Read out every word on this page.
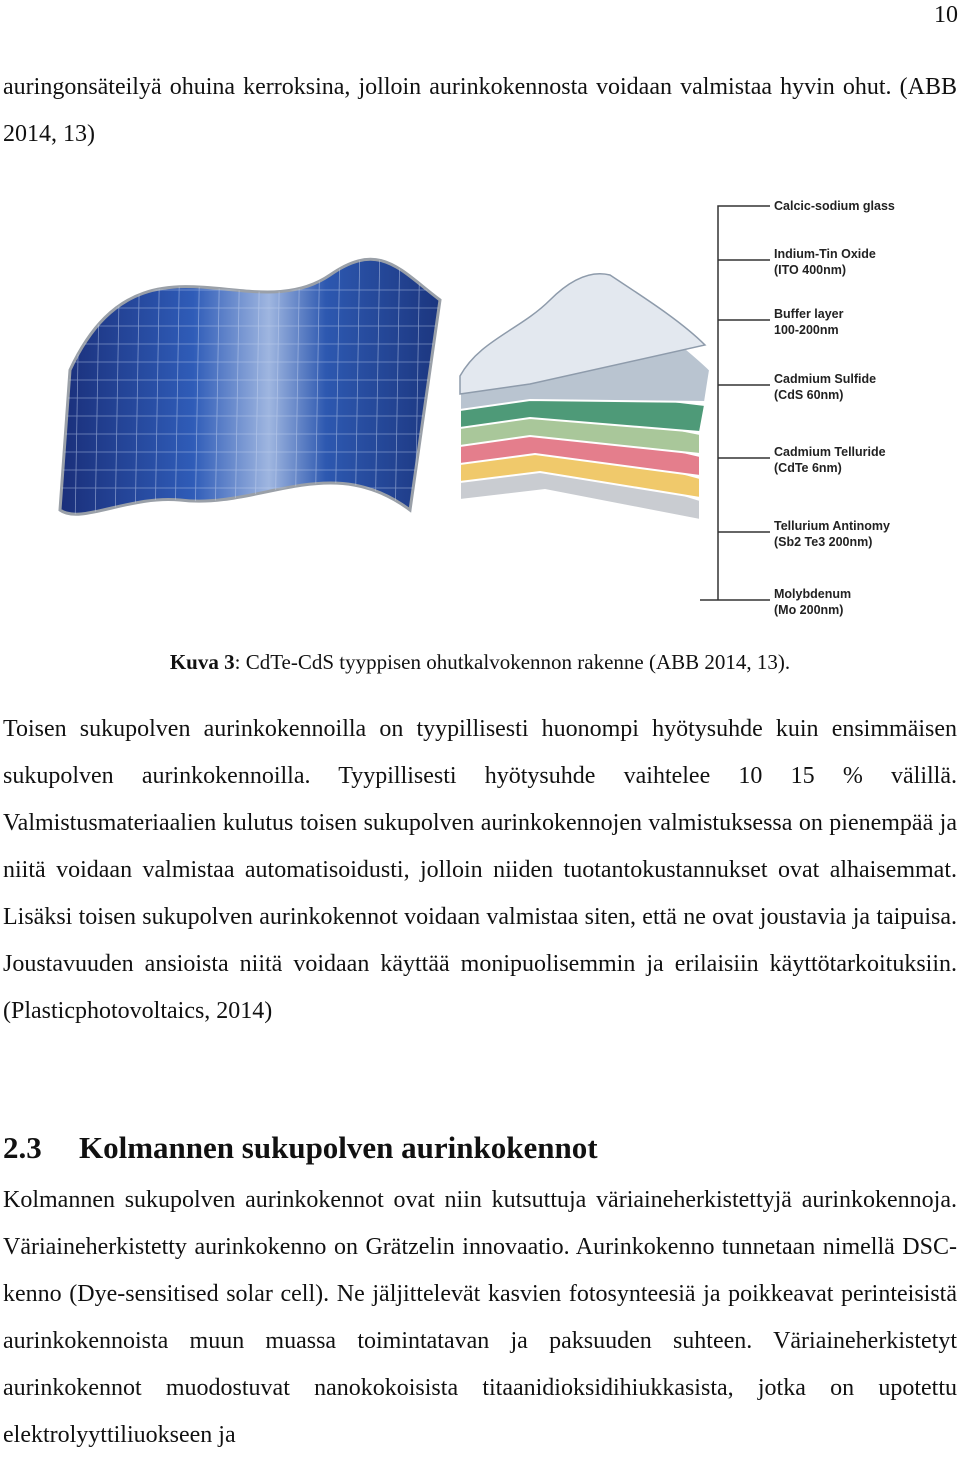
10

auringonsäteilyä ohuina kerroksina, jolloin aurinkokennosta voidaan valmistaa hyvin ohut. (ABB 2014, 13)

Calcic-sodium glass
Indium-Tin Oxide
(ITO 400nm)
Buffer layer
100-200nm
Cadmium Sulfide
(CdS 60nm)
Cadmium Telluride
(CdTe 6nm)
Tellurium Antinomy
(Sb2 Te3 200nm)
Molybdenum
(Mo 200nm)
Kuva 3: CdTe-CdS tyyppisen ohutkalvokennon rakenne (ABB 2014, 13).

Toisen sukupolven aurinkokennoilla on tyypillisesti huonompi hyötysuhde kuin ensimmäisen sukupolven aurinkokennoilla. Tyypillisesti hyötysuhde vaihtelee 10 15 % välillä. Valmistusmateriaalien kulutus toisen sukupolven aurinkokennojen valmistuksessa on pienempää ja niitä voidaan valmistaa automatisoidusti, jolloin niiden tuotantokustannukset ovat alhaisemmat. Lisäksi toisen sukupolven aurinkokennot voidaan valmistaa siten, että ne ovat joustavia ja taipuisa. Joustavuuden ansioista niitä voidaan käyttää monipuolisemmin ja erilaisiin käyttötarkoituksiin. (Plasticphotovoltaics, 2014)

2.3 Kolmannen sukupolven aurinkokennot

Kolmannen sukupolven aurinkokennot ovat niin kutsuttuja väriaineherkistettyjä aurinkokennoja. Väriaineherkistetty aurinkokenno on Grätzelin innovaatio. Aurinkokenno tunnetaan nimellä DSC-kenno (Dye-sensitised solar cell). Ne jäljittelevät kasvien fotosynteesiä ja poikkeavat perinteisistä aurinkokennoista muun muassa toimintatavan ja paksuuden suhteen. Väriaineherkistetyt aurinkokennot muodostuvat nanokokoisista titaanidioksidihiukkasista, jotka on upotettu elektrolyyttiliuokseen ja
